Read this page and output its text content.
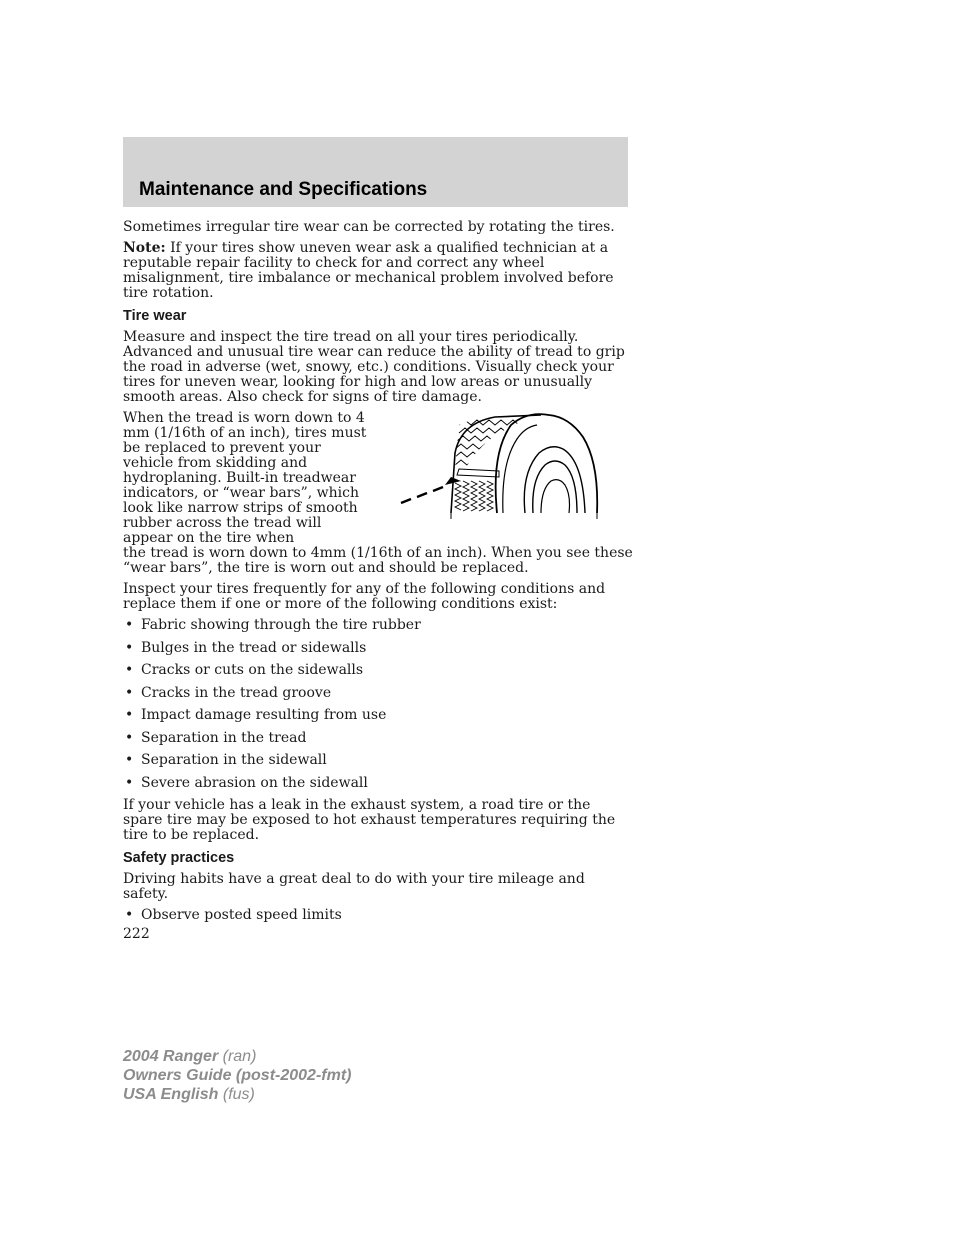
Maintenance and Specifications

Sometimes irregular tire wear can be corrected by rotating the tires.

Note: If your tires show uneven wear ask a qualified technician at a reputable repair facility to check for and correct any wheel misalignment, tire imbalance or mechanical problem involved before tire rotation.

Tire wear

Measure and inspect the tire tread on all your tires periodically. Advanced and unusual tire wear can reduce the ability of tread to grip the road in adverse (wet, snowy, etc.) conditions. Visually check your tires for uneven wear, looking for high and low areas or unusually smooth areas. Also check for signs of tire damage.

When the tread is worn down to 4 mm (1/16th of an inch), tires must be replaced to prevent your vehicle from skidding and hydroplaning. Built-in treadwear indicators, or “wear bars”, which look like narrow strips of smooth rubber across the tread will appear on the tire when

the tread is worn down to 4mm (1/16th of an inch). When you see these “wear bars”, the tire is worn out and should be replaced.

Inspect your tires frequently for any of the following conditions and replace them if one or more of the following conditions exist:

• Fabric showing through the tire rubber
• Bulges in the tread or sidewalls
• Cracks or cuts on the sidewalls
• Cracks in the tread groove
• Impact damage resulting from use
• Separation in the tread
• Separation in the sidewall
• Severe abrasion on the sidewall

If your vehicle has a leak in the exhaust system, a road tire or the spare tire may be exposed to hot exhaust temperatures requiring the tire to be replaced.

Safety practices

Driving habits have a great deal to do with your tire mileage and safety.

• Observe posted speed limits
222
2004 Ranger (ran)
Owners Guide (post-2002-fmt)
USA English (fus)
